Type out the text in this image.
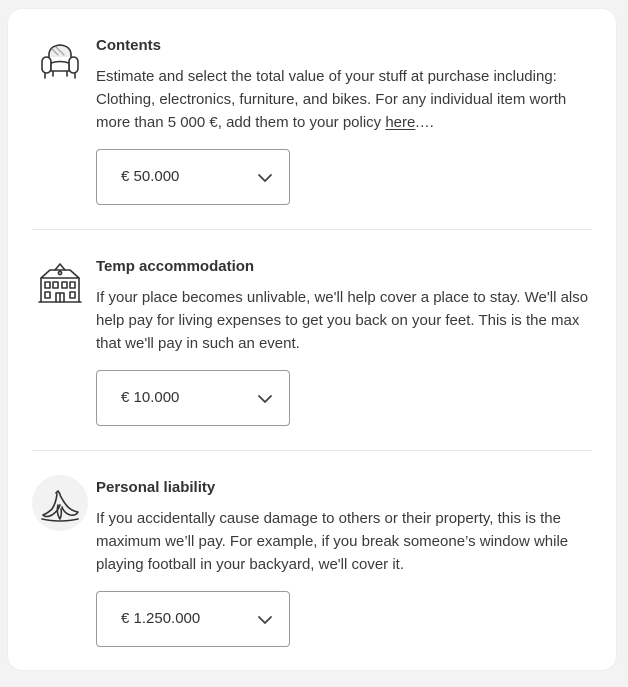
Contents

Estimate and select the total value of your stuff at purchase including: Clothing, electronics, furniture, and bikes. For any individual item worth more than 5 000 €, add them to your policy here.…

€ 50.000
Temp accommodation

If your place becomes unlivable, we'll help cover a place to stay. We'll also help pay for living expenses to get you back on your feet. This is the max that we'll pay in such an event.

€ 10.000
Personal liability

If you accidentally cause damage to others or their property, this is the maximum we’ll pay. For example, if you break someone’s window while playing football in your backyard, we'll cover it.

€ 1.250.000
